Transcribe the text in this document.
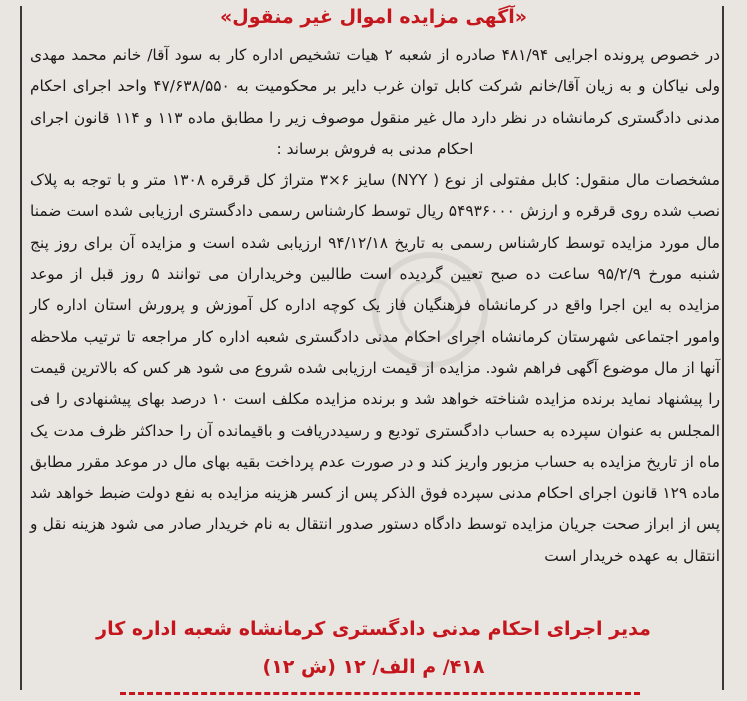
«آگهی مزایده اموال غیر منقول»

در خصوص پرونده اجرایی ۴۸۱/۹۴ صادره از شعبه ۲ هیات تشخیص اداره کار به سود آقا/ خانم محمد مهدی ولی نیاکان و به زیان آقا/خانم شرکت کابل توان غرب دایر بر محکومیت به ۴۷/۶۳۸/۵۵۰ واحد اجرای احکام مدنی دادگستری کرمانشاه در نظر دارد مال غیر منقول موصوف زیر را مطابق ماده ۱۱۳ و ۱۱۴ قانون اجرای احکام مدنی به فروش برساند :

مشخصات مال منقول: کابل مفتولی از نوع ( NYY) سایز ۶×۳ متراژ کل قرقره ۱۳۰۸ متر و با توجه به پلاک نصب شده روی قرقره و ارزش ۵۴۹۳۶۰۰۰ ریال توسط کارشناس رسمی دادگستری ارزیابی شده است ضمنا مال مورد مزایده توسط کارشناس رسمی به تاریخ ۹۴/۱۲/۱۸ ارزیابی شده است و مزایده آن برای روز پنج شنبه مورخ ۹۵/۲/۹ ساعت ده صبح تعیین گردیده است طالبین وخریداران می توانند ۵ روز قبل از موعد مزایده به این اجرا واقع در کرمانشاه فرهنگیان فاز یک کوچه اداره کل آموزش و پرورش استان اداره کار وامور اجتماعی شهرستان کرمانشاه اجرای احکام مدنی دادگستری شعبه اداره کار مراجعه تا ترتیب ملاحظه آنها از مال موضوع آگهی فراهم شود. مزایده از قیمت ارزیابی شده شروع می شود هر کس که بالاترین قیمت را پیشنهاد نماید برنده مزایده شناخته خواهد شد و برنده مزایده مکلف است ۱۰ درصد بهای پیشنهادی را فی المجلس به عنوان سپرده به حساب دادگستری تودیع و رسیددریافت و باقیمانده آن را حداکثر ظرف مدت یک ماه از تاریخ مزایده به حساب مزبور واریز کند و در صورت عدم پرداخت بقیه بهای مال در موعد مقرر مطابق ماده ۱۲۹ قانون اجرای احکام مدنی سپرده فوق الذکر پس از کسر هزینه مزایده به نفع دولت ضبط خواهد شد پس از ابراز صحت جریان مزایده توسط دادگاه دستور صدور انتقال به نام خریدار صادر می شود هزینه نقل و انتقال به عهده خریدار است

مدیر اجرای احکام مدنی دادگستری کرمانشاه شعبه اداره کار
۴۱۸/ م الف/ ۱۲ (ش ۱۲)
